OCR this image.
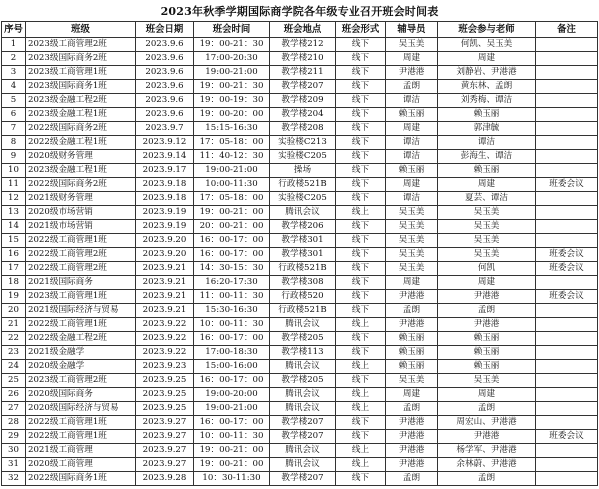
2023年秋季学期国际商学院各年级专业召开班会时间表
序号	班级	班会日期	班会时间	班会地点	班会形式	辅导员	班会参与老师	备注
1	2023级工商管理2班	2023.9.6	19：00-21：30	教学楼212	线下	吴玉美	何凯、吴玉美	
2	2023级国际商务2班	2023.9.6	17:00-20:30	教学楼210	线下	周建	周建	
3	2023级工商管理1班	2023.9.6	19:00-21:00	教学楼211	线下	尹港港	刘静岩、尹港港	
4	2023级国际商务1班	2023.9.6	19：00-21：30	教学楼207	线下	孟朗	黄东林、孟朗	
5	2023级金融工程2班	2023.9.6	19：00-19：30	教学楼209	线下	谭洁	刘秀梅、谭洁	
6	2023级金融工程1班	2023.9.6	19：00-20：00	教学楼204	线下	赖玉丽	赖玉丽	
7	2022级国际商务2班	2023.9.7	15:15-16:30	教学楼208	线下	周建	郭津毓	
8	2022级金融工程1班	2023.9.12	17：05-18：00	实验楼C213	线下	谭洁	谭洁	
9	2020级财务管理	2023.9.14	11：40-12：30	实验楼C205	线下	谭洁	彭海生、谭洁	
10	2023级金融工程1班	2023.9.17	19:00-21:00	操场	线下	赖玉丽	赖玉丽	
11	2022级国际商务2班	2023.9.18	10:00-11:30	行政楼521B	线下	周建	周建	班委会议
12	2021级财务管理	2023.9.18	17：05-18：00	实验楼C205	线下	谭洁	夏芸、谭洁	
13	2020级市场营销	2023.9.19	19：00-21：00	腾讯会议	线上	吴玉美	吴玉美	
14	2021级市场营销	2023.9.19	20：00-21：00	教学楼206	线下	吴玉美	吴玉美	
15	2022级工商管理1班	2023.9.20	16：00-17：00	教学楼301	线下	吴玉美	吴玉美	
16	2022级工商管理2班	2023.9.20	16：00-17：00	教学楼301	线下	吴玉美	吴玉美	班委会议
17	2022级工商管理2班	2023.9.21	14：30-15：30	行政楼521B	线下	吴玉美	何凯	班委会议
18	2021级国际商务	2023.9.21	16:20-17:30	教学楼308	线下	周建	周建	
19	2023级工商管理1班	2023.9.21	11：00-11：30	行政楼520	线下	尹港港	尹港港	班委会议
20	2021级国际经济与贸易	2023.9.21	15:30-16:30	行政楼521B	线下	孟朗	孟朗	
21	2022级工商管理1班	2023.9.22	10：00-11：30	腾讯会议	线上	尹港港	尹港港	
22	2022级金融工程2班	2023.9.22	16：00-17：00	教学楼205	线下	赖玉丽	赖玉丽	
23	2021级金融学	2023.9.22	17:00-18:30	教学楼113	线下	赖玉丽	赖玉丽	
24	2020级金融学	2023.9.23	15:00-16:00	腾讯会议	线上	赖玉丽	赖玉丽	
25	2023级工商管理2班	2023.9.25	16：00-17：00	教学楼205	线下	吴玉美	吴玉美	
26	2020级国际商务	2023.9.25	19:00-20:00	腾讯会议	线上	周建	周建	
27	2020级国际经济与贸易	2023.9.25	19:00-21:00	腾讯会议	线上	孟朗	孟朗	
28	2022级工商管理1班	2023.9.27	16：00-17：00	教学楼207	线下	尹港港	周宏山、尹港港	
29	2022级工商管理1班	2023.9.27	10：00-11：30	教学楼207	线下	尹港港	尹港港	班委会议
30	2021级工商管理	2023.9.27	19：00-21：00	腾讯会议	线上	尹港港	杨学军、尹港港	
31	2020级工商管理	2023.9.27	19：00-21：00	腾讯会议	线上	尹港港	余林蔚、尹港港	
32	2022级国际商务1班	2023.9.28	10：30-11:30	教学楼207	线下	孟朗	孟朗	
